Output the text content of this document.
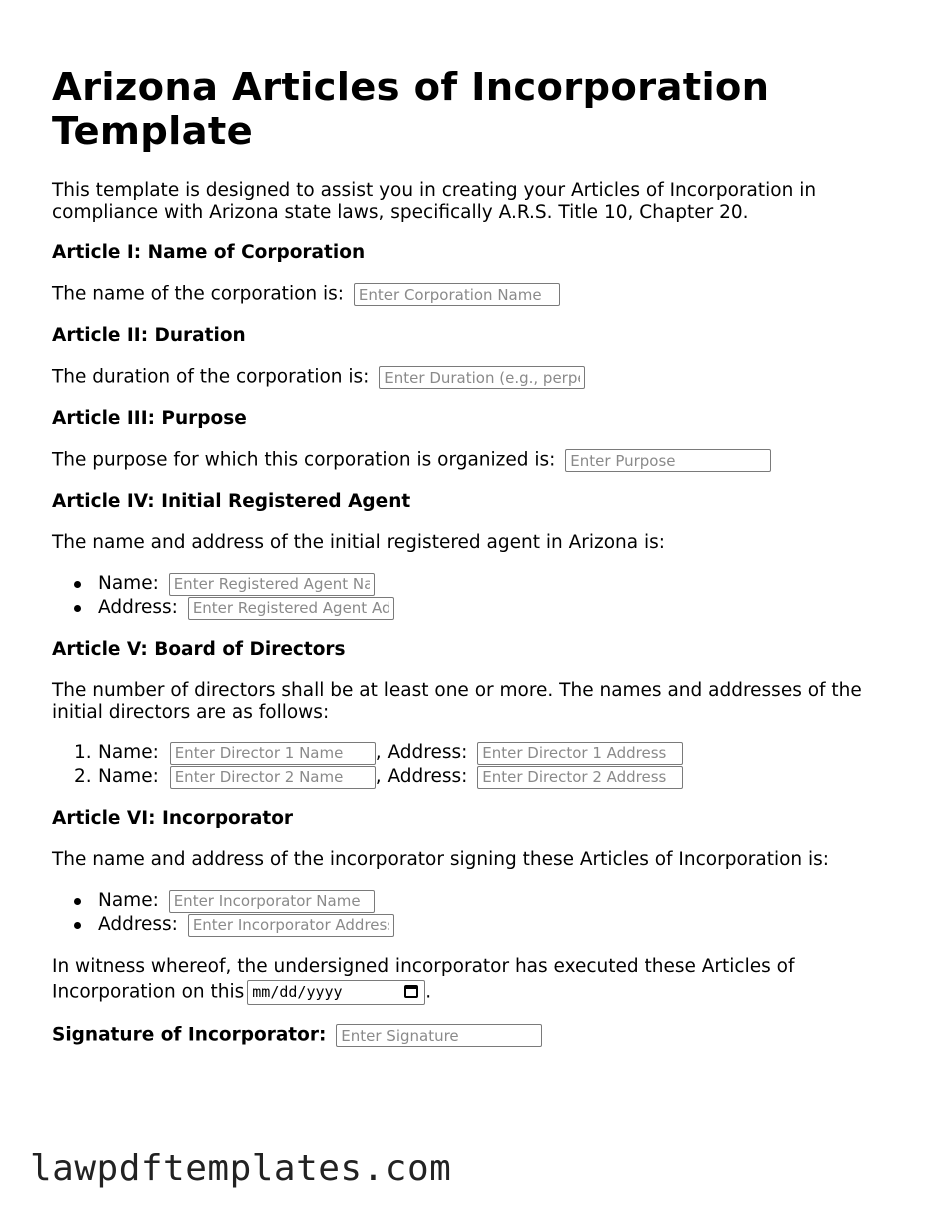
Arizona Articles of Incorporation Template

This template is designed to assist you in creating your Articles of Incorporation in compliance with Arizona state laws, specifically A.R.S. Title 10, Chapter 20.

Article I: Name of Corporation

The name of the corporation is: Enter Corporation Name

Article II: Duration

The duration of the corporation is: Enter Duration (e.g., perpetual)

Article III: Purpose

The purpose for which this corporation is organized is: Enter Purpose

Article IV: Initial Registered Agent

The name and address of the initial registered agent in Arizona is:

Name: Enter Registered Agent Name
Address: Enter Registered Agent Address
Article V: Board of Directors

The number of directors shall be at least one or more. The names and addresses of the initial directors are as follows:

1. Name: Enter Director 1 Name	, Address: Enter Director 1 Address
2. Name: Enter Director 2 Name	, Address: Enter Director 2 Address
Article VI: Incorporator

The name and address of the incorporator signing these Articles of Incorporation is:

Name: Enter Incorporator Name
Address: Enter Incorporator Address

In witness whereof, the undersigned incorporator has executed these Articles of

Incorporation on this mm/dd/yyyy	.

Signature of Incorporator: Enter Signature

lawpdftemplates.com
